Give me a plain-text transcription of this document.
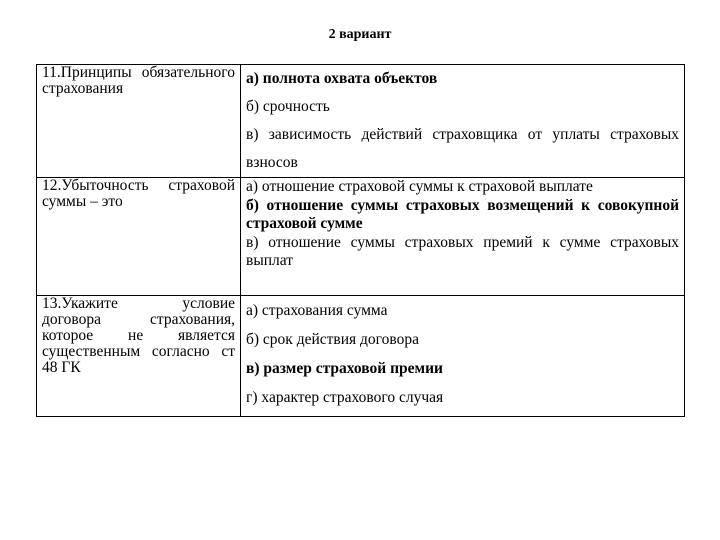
2 вариант
11.Принципы обязательного страхования	а) полнота охвата объектов
б) срочность
в) зависимость действий страховщика от уплаты страховых взносов

12.Убыточность страховой суммы – это	а) отношение страховой суммы к страховой выплате
б) отношение суммы страховых возмещений к совокупной страховой сумме
в) отношение суммы страховых премий к сумме страховых выплат

13.Укажите условие договора страхования, которое не является существенным согласно ст 48 ГК	а) страхования сумма
б) срок действия договора
в) размер страховой премии
г) характер страхового случая
